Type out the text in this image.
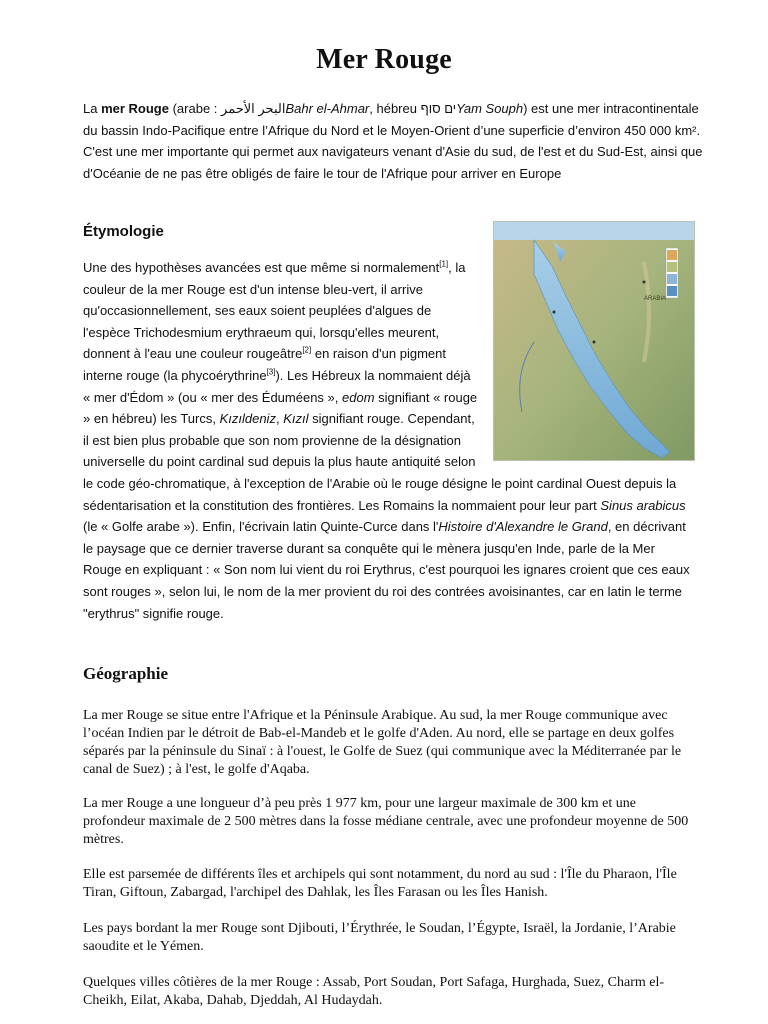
Mer Rouge
La mer Rouge (arabe : البحر الأحمرBahr el-Ahmar, hébreu ים סוףYam Souph) est une mer intracontinentale du bassin Indo-Pacifique entre l’Afrique du Nord et le Moyen-Orient d’une superficie d’environ 450 000 km². C'est une mer importante qui permet aux navigateurs venant d'Asie du sud, de l'est et du Sud-Est, ainsi que d'Océanie de ne pas être obligés de faire le tour de l'Afrique pour arriver en Europe
Étymologie
ARABIA
Une des hypothèses avancées est que même si normalement[1], la couleur de la mer Rouge est d'un intense bleu-vert, il arrive qu'occasionnellement, ses eaux soient peuplées d'algues de l'espèce Trichodesmium erythraeum qui, lorsqu'elles meurent, donnent à l'eau une couleur rougeâtre[2] en raison d'un pigment interne rouge (la phycoérythrine[3]). Les Hébreux la nommaient déjà « mer d'Édom » (ou « mer des Éduméens », edom signifiant « rouge » en hébreu) les Turcs, Kızıldeniz, Kızıl signifiant rouge. Cependant, il est bien plus probable que son nom provienne de la désignation universelle du point cardinal sud depuis la plus haute antiquité selon le code géo-chromatique, à l'exception de l'Arabie où le rouge désigne le point cardinal Ouest depuis la sédentarisation et la constitution des frontières. Les Romains la nommaient pour leur part Sinus arabicus (le « Golfe arabe »). Enfin, l'écrivain latin Quinte-Curce dans l'Histoire d'Alexandre le Grand, en décrivant le paysage que ce dernier traverse durant sa conquête qui le mènera jusqu'en Inde, parle de la Mer Rouge en expliquant : « Son nom lui vient du roi Erythrus, c'est pourquoi les ignares croient que ces eaux sont rouges », selon lui, le nom de la mer provient du roi des contrées avoisinantes, car en latin le terme "erythrus" signifie rouge.
Géographie

La mer Rouge se situe entre l'Afrique et la Péninsule Arabique. Au sud, la mer Rouge communique avec l’océan Indien par le détroit de Bab-el-Mandeb et le golfe d'Aden. Au nord, elle se partage en deux golfes séparés par la péninsule du Sinaï : à l'ouest, le Golfe de Suez (qui communique avec la Méditerranée par le canal de Suez) ; à l'est, le golfe d'Aqaba.

La mer Rouge a une longueur d’à peu près 1 977 km, pour une largeur maximale de 300 km et une profondeur maximale de 2 500 mètres dans la fosse médiane centrale, avec une profondeur moyenne de 500 mètres.

Elle est parsemée de différents îles et archipels qui sont notamment, du nord au sud : l'Île du Pharaon, l'Île Tiran, Giftoun, Zabargad, l'archipel des Dahlak, les Îles Farasan ou les Îles Hanish.

Les pays bordant la mer Rouge sont Djibouti, l’Érythrée, le Soudan, l’Égypte, Israël, la Jordanie, l’Arabie saoudite et le Yémen.

Quelques villes côtières de la mer Rouge : Assab, Port Soudan, Port Safaga, Hurghada, Suez, Charm el-Cheikh, Eilat, Akaba, Dahab, Djeddah, Al Hudaydah.
